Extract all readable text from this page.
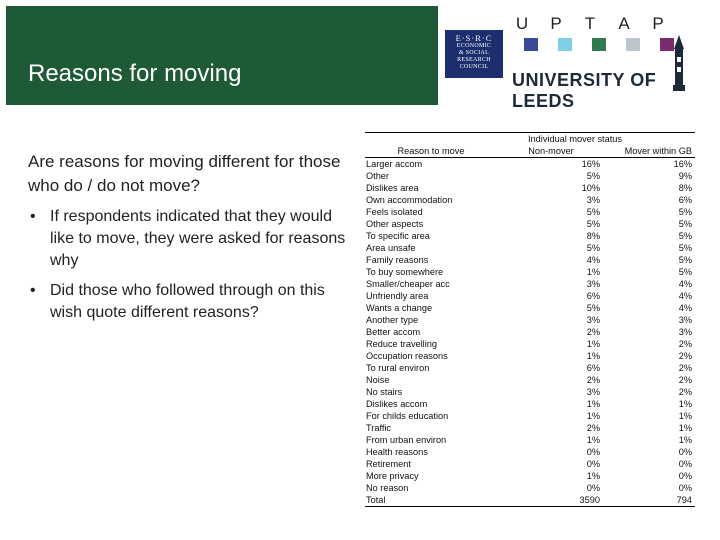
Reasons for moving
E·S·R·C
ECONOMIC
& SOCIAL
RESEARCH
COUNCIL
U	P	T	A	P
UNIVERSITY OF LEEDS
Are reasons for moving different for those who do / do not move?
• If respondents indicated that they would like to move, they were asked for reasons why
• Did those who followed through on this wish quote different reasons?
Individual mover status
Reason to move	Non-mover	Mover within GB
Larger accom	16%	16%
Other	5%	9%
Dislikes area	10%	8%
Own accommodation	3%	6%
Feels isolated	5%	5%
Other aspects	5%	5%
To specific area	8%	5%
Area unsafe	5%	5%
Family reasons	4%	5%
To buy somewhere	1%	5%
Smaller/cheaper acc	3%	4%
Unfriendly area	6%	4%
Wants a change	5%	4%
Another type	3%	3%
Better accom	2%	3%
Reduce travelling	1%	2%
Occupation reasons	1%	2%
To rural environ	6%	2%
Noise	2%	2%
No stairs	3%	2%
Dislikes accom	1%	1%
For childs education	1%	1%
Traffic	2%	1%
From urban environ	1%	1%
Health reasons	0%	0%
Retirement	0%	0%
More privacy	1%	0%
No reason	0%	0%
Total	3590	794
